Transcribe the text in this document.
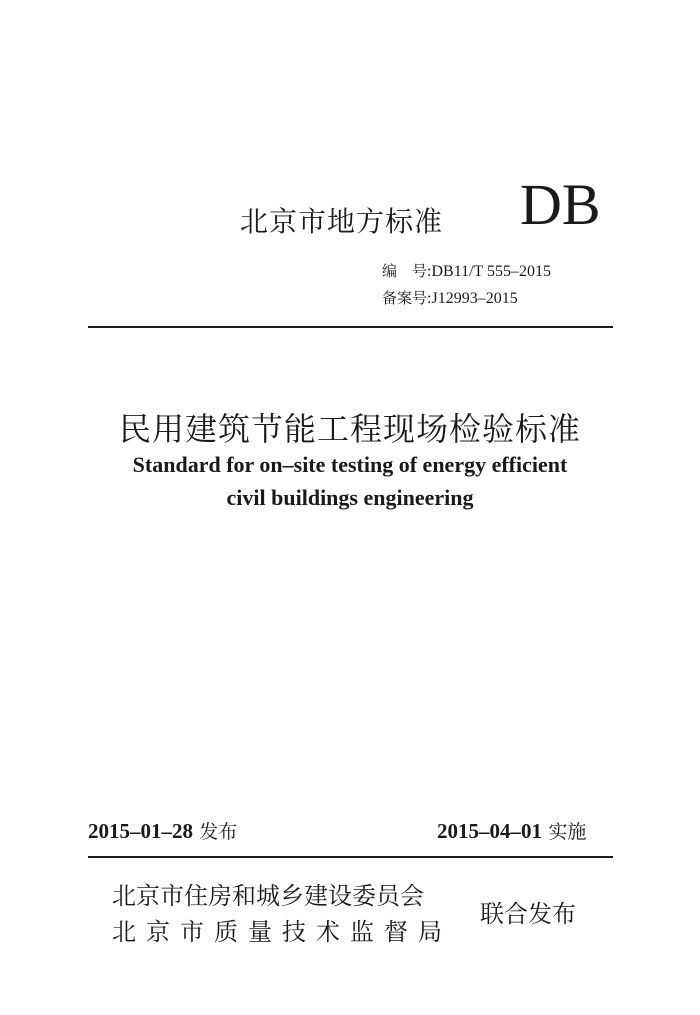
北京市地方标准 DB
编　号:DB11/T 555–2015
备案号:J12993–2015
民用建筑节能工程现场检验标准
Standard for on–site testing of energy efficient
civil buildings engineering
2015–01–28 发布	2015–04–01 实施
北京市住房和城乡建设委员会
北京市质量技术监督局
联合发布
